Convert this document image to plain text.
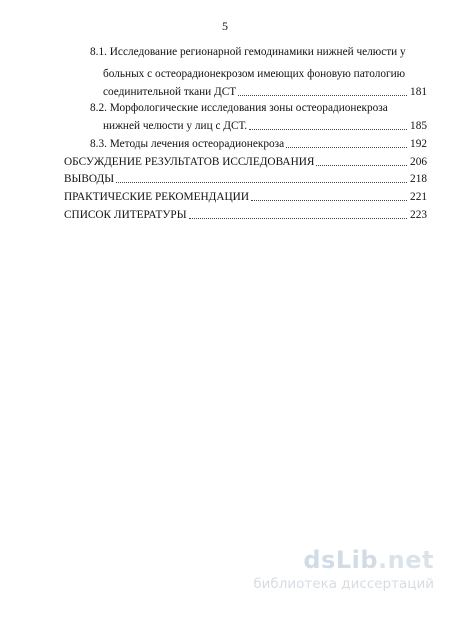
5
8.1. Исследование регионарной гемодинамики нижней челюсти у
больных с остеорадионекрозом имеющих фоновую патологию
соединительной ткани ДСТ	181
8.2. Морфологические исследования зоны остеорадионекроза
нижней челюсти у лиц с ДСТ.	185
8.3. Методы лечения остеорадионекроза	192
ОБСУЖДЕНИЕ РЕЗУЛЬТАТОВ ИССЛЕДОВАНИЯ	206
ВЫВОДЫ	218
ПРАКТИЧЕСКИЕ РЕКОМЕНДАЦИИ	221
СПИСОК ЛИТЕРАТУРЫ	223
dsLib.net
библиотека диссертаций
